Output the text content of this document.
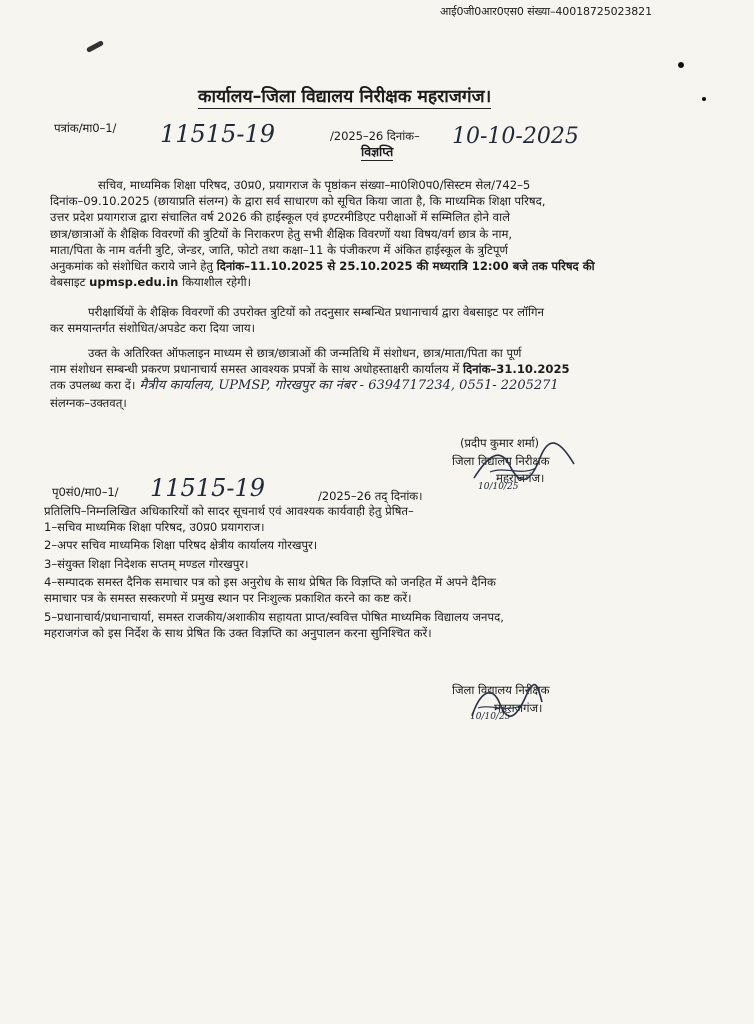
आई0जी0आर0एस0 संख्या–40018725023821
कार्यालय–जिला विद्यालय निरीक्षक महराजगंज।
पत्रांक/मा0–1/ 11515-19	/2025–26 दिनांक– 10-10-2025
विज्ञप्ति
सचिव, माध्यमिक शिक्षा परिषद, उ0प्र0, प्रयागराज के पृष्ठांकन संख्या–मा0शि0प0/सिस्टम सेल/742–5
दिनांक–09.10.2025 (छायाप्रति संलग्न) के द्वारा सर्व साधारण को सूचित किया जाता है, कि माध्यमिक शिक्षा परिषद,
उत्तर प्रदेश प्रयागराज द्वारा संचालित वर्ष 2026 की हाईस्कूल एवं इण्टरमीडिएट परीक्षाओं में सम्मिलित होने वाले
छात्र/छात्राओं के शैक्षिक विवरणों की त्रुटियों के निराकरण हेतु सभी शैक्षिक विवरणों यथा विषय/वर्ग छात्र के नाम,
माता/पिता के नाम वर्तनी त्रुटि, जेन्डर, जाति, फोटो तथा कक्षा–11 के पंजीकरण में अंकित हाईस्कूल के त्रुटिपूर्ण
अनुकमांक को संशोधित कराये जाने हेतु दिनांक–11.10.2025 से 25.10.2025 की मध्यरात्रि 12:00 बजे तक परिषद की
वेबसाइट upmsp.edu.in कियाशील रहेगी।
परीक्षार्थियों के शैक्षिक विवरणों की उपरोक्त त्रुटियों को तदनुसार सम्बन्धित प्रधानाचार्य द्वारा वेबसाइट पर लॉगिन
कर समयान्तर्गत संशोधित/अपडेट करा दिया जाय।
उक्त के अतिरिक्त ऑफलाइन माध्यम से छात्र/छात्राओं की जन्मतिथि में संशोधन, छात्र/माता/पिता का पूर्ण
नाम संशोधन सम्बन्धी प्रकरण प्रधानाचार्य समस्त आवश्यक प्रपत्रों के साथ अधोहस्ताक्षरी कार्यालय में दिनांक–31.10.2025
तक उपलब्ध करा दें। मैत्रीय कार्यालय, UPMSP, गोरखपुर का नंबर - 6394717234, 0551- 2205271
संलग्नक–उक्तवत्।
(प्रदीप कुमार शर्मा)
जिला विद्यालय निरीक्षक
महराजगंज।
10/10/25
पृ0सं0/मा0–1/ 11515-19	/2025–26 तद् दिनांक।
प्रतिलिपि–निम्नलिखित अधिकारियों को सादर सूचनार्थ एवं आवश्यक कार्यवाही हेतु प्रेषित–
1–सचिव माध्यमिक शिक्षा परिषद, उ0प्र0 प्रयागराज।
2–अपर सचिव माध्यमिक शिक्षा परिषद क्षेत्रीय कार्यालय गोरखपुर।
3–संयुक्त शिक्षा निदेशक सप्तम् मण्डल गोरखपुर।
4–सम्पादक समस्त दैनिक समाचार पत्र को इस अनुरोध के साथ प्रेषित कि विज्ञप्ति को जनहित में अपने दैनिक
समाचार पत्र के समस्त सस्करणो में प्रमुख स्थान पर निःशुल्क प्रकाशित करने का कष्ट करें।
5–प्रधानाचार्य/प्रधानाचार्या, समस्त राजकीय/अशाकीय सहायता प्राप्त/स्ववित्त पोषित माध्यमिक विद्यालय जनपद,
महराजगंज को इस निर्देश के साथ प्रेषित कि उक्त विज्ञप्ति का अनुपालन करना सुनिश्चित करें।
जिला विद्यालय निरीक्षक
महराजगंज।
10/10/25
